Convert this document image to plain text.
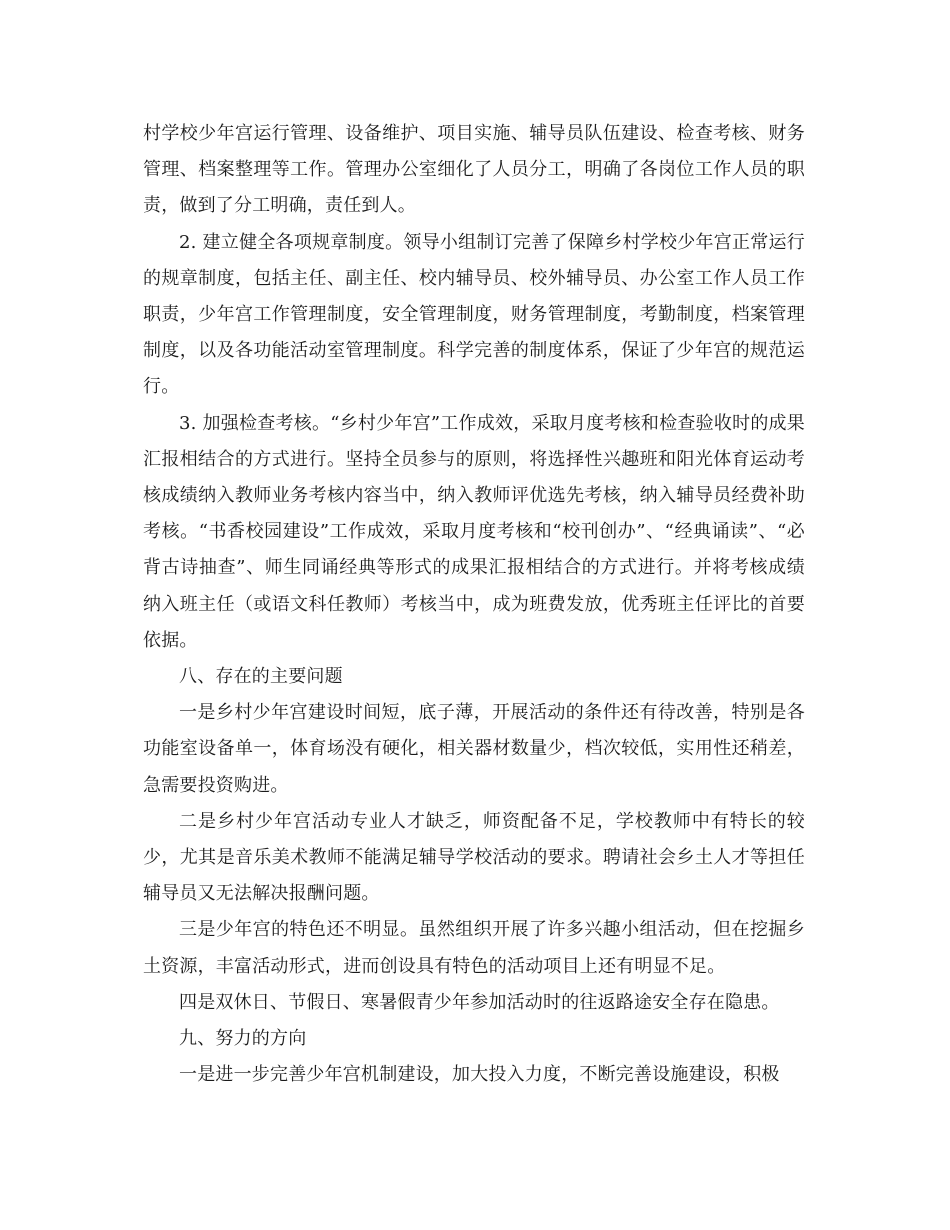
村学校少年宫运行管理、设备维护、项目实施、辅导员队伍建设、检查考核、财务管理、档案整理等工作。管理办公室细化了人员分工，明确了各岗位工作人员的职责，做到了分工明确，责任到人。

2. 建立健全各项规章制度。领导小组制订完善了保障乡村学校少年宫正常运行的规章制度，包括主任、副主任、校内辅导员、校外辅导员、办公室工作人员工作职责，少年宫工作管理制度，安全管理制度，财务管理制度，考勤制度，档案管理制度，以及各功能活动室管理制度。科学完善的制度体系，保证了少年宫的规范运行。

3. 加强检查考核。“乡村少年宫”工作成效，采取月度考核和检查验收时的成果汇报相结合的方式进行。坚持全员参与的原则，将选择性兴趣班和阳光体育运动考核成绩纳入教师业务考核内容当中，纳入教师评优选先考核，纳入辅导员经费补助考核。“书香校园建设”工作成效，采取月度考核和“校刊创办”、“经典诵读”、“必背古诗抽查”、师生同诵经典等形式的成果汇报相结合的方式进行。并将考核成绩纳入班主任（或语文科任教师）考核当中，成为班费发放，优秀班主任评比的首要依据。

八、存在的主要问题

一是乡村少年宫建设时间短，底子薄，开展活动的条件还有待改善，特别是各功能室设备单一，体育场没有硬化，相关器材数量少，档次较低，实用性还稍差，急需要投资购进。

二是乡村少年宫活动专业人才缺乏，师资配备不足，学校教师中有特长的较少，尤其是音乐美术教师不能满足辅导学校活动的要求。聘请社会乡土人才等担任辅导员又无法解决报酬问题。

三是少年宫的特色还不明显。虽然组织开展了许多兴趣小组活动，但在挖掘乡土资源，丰富活动形式，进而创设具有特色的活动项目上还有明显不足。

四是双休日、节假日、寒暑假青少年参加活动时的往返路途安全存在隐患。

九、努力的方向

一是进一步完善少年宫机制建设，加大投入力度，不断完善设施建设，积极
